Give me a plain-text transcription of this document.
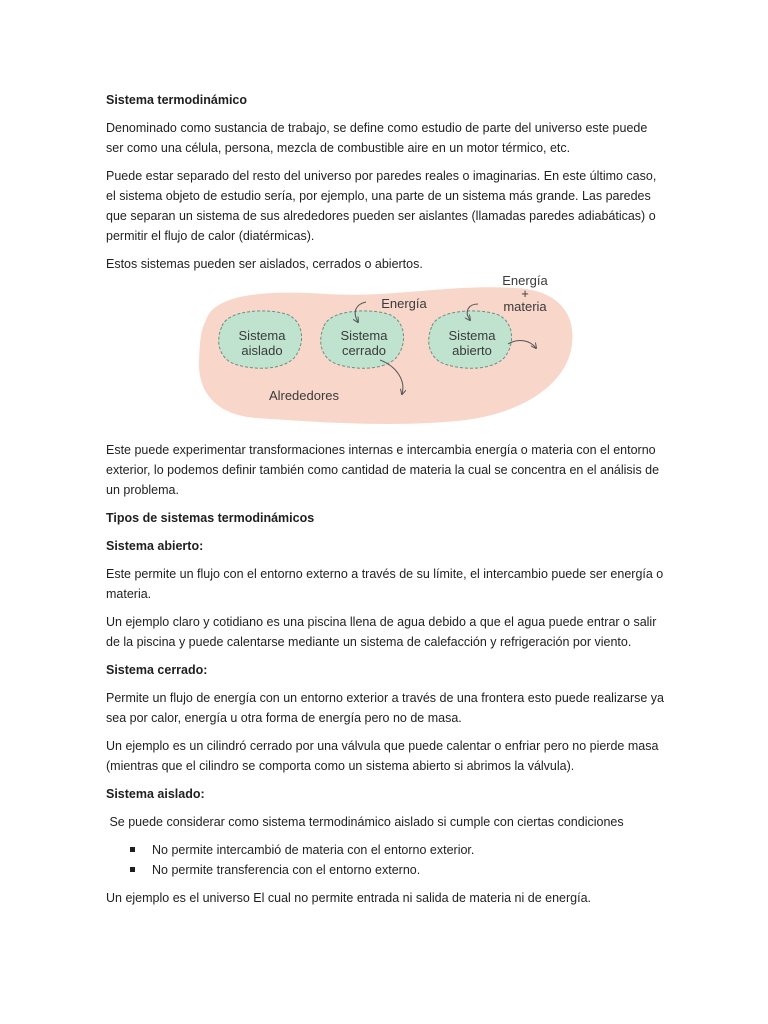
Sistema termodinámico

Denominado como sustancia de trabajo, se define como estudio de parte del universo este puede ser como una célula, persona, mezcla de combustible aire en un motor térmico, etc.

Puede estar separado del resto del universo por paredes reales o imaginarias. En este último caso, el sistema objeto de estudio sería, por ejemplo, una parte de un sistema más grande. Las paredes que separan un sistema de sus alrededores pueden ser aislantes (llamadas paredes adiabáticas) o permitir el flujo de calor (diatérmicas).

Estos sistemas pueden ser aislados, cerrados o abiertos.

Sistema
aislado
Sistema
cerrado
Sistema
abierto
Energía
Energía
+
materia
Alrededores

Este puede experimentar transformaciones internas e intercambia energía o materia con el entorno exterior, lo podemos definir también como cantidad de materia la cual se concentra en el análisis de un problema.

Tipos de sistemas termodinámicos

Sistema abierto:

Este permite un flujo con el entorno externo a través de su límite, el intercambio puede ser energía o materia.

Un ejemplo claro y cotidiano es una piscina llena de agua debido a que el agua puede entrar o salir de la piscina y puede calentarse mediante un sistema de calefacción y refrigeración por viento.

Sistema cerrado:

Permite un flujo de energía con un entorno exterior a través de una frontera esto puede realizarse ya sea por calor, energía u otra forma de energía pero no de masa.

Un ejemplo es un cilindró cerrado por una válvula que puede calentar o enfriar pero no pierde masa (mientras que el cilindro se comporta como un sistema abierto si abrimos la válvula).

Sistema aislado:

Se puede considerar como sistema termodinámico aislado si cumple con ciertas condiciones

No permite intercambió de materia con el entorno exterior.
No permite transferencia con el entorno externo.

Un ejemplo es el universo El cual no permite entrada ni salida de materia ni de energía.
